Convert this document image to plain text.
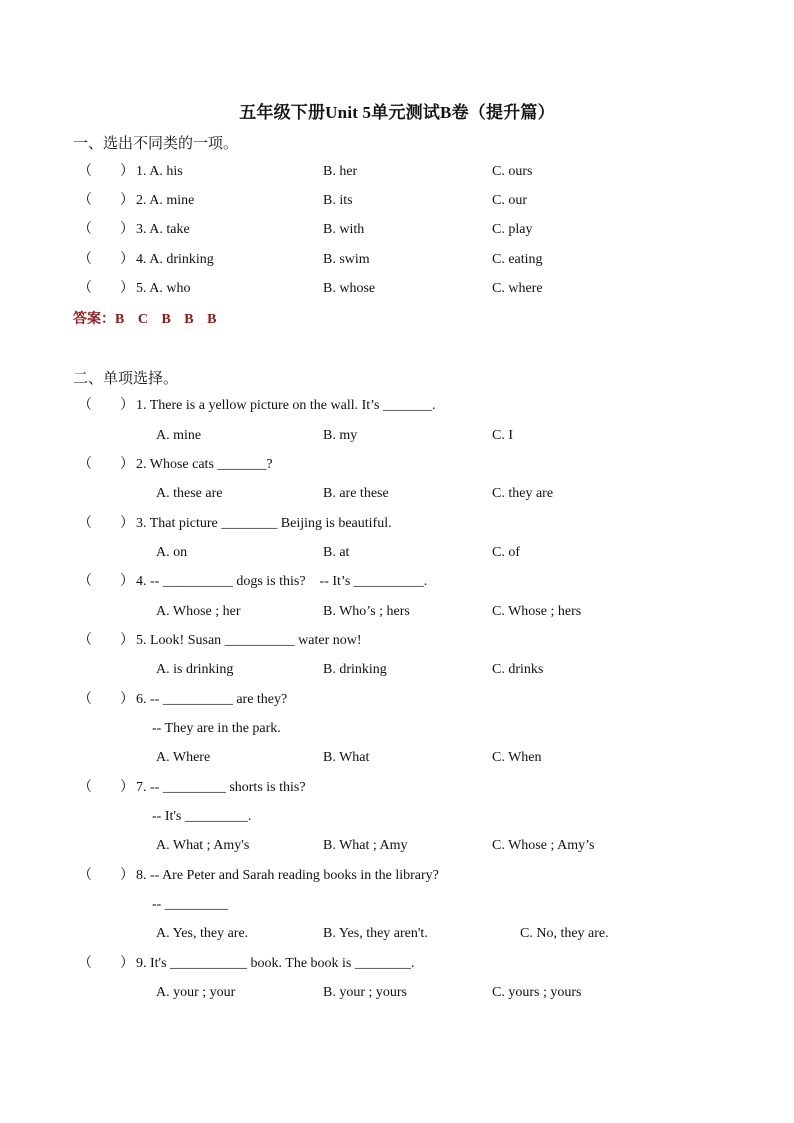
五年级下册Unit 5单元测试B卷（提升篇）
一、选出不同类的一项。
（ ） 1. A. his	B. her	C. ours
（ ） 2. A. mine	B. its	C. our
（ ） 3. A. take	B. with	C. play
（ ） 4. A. drinking	B. swim	C. eating
（ ） 5. A. who	B. whose	C. where
答案：B C B B B
二、单项选择。
（ ） 1. There is a yellow picture on the wall. It’s _______.
A. mine	B. my	C. I
（ ） 2. Whose cats _______?
A. these are	B. are these	C. they are
（ ） 3. That picture ________ Beijing is beautiful.
A. on	B. at	C. of
（ ） 4. -- __________ dogs is this?    -- It’s __________.
A. Whose ; her	B. Who’s ; hers	C. Whose ; hers
（ ） 5. Look! Susan __________ water now!
A. is drinking	B. drinking	C. drinks
（ ） 6. -- __________ are they?
-- They are in the park.
A. Where	B. What	C. When
（ ） 7. -- _________ shorts is this?
-- It's _________.
A. What ; Amy's	B. What ; Amy	C. Whose ; Amy’s
（ ） 8. -- Are Peter and Sarah reading books in the library?
-- _________
A. Yes, they are.	B. Yes, they aren't.	C. No, they are.
（ ） 9. It's ___________ book. The book is ________.
A. your ; your	B. your ; yours	C. yours ; yours
